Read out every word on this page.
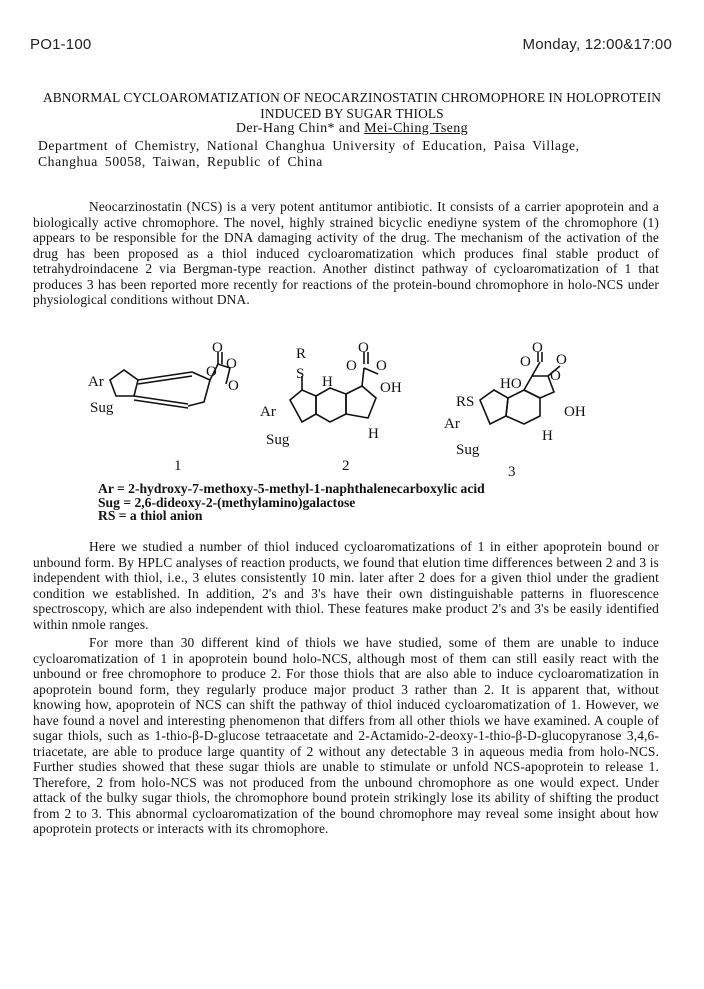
PO1-100	Monday, 12:00&17:00
ABNORMAL CYCLOAROMATIZATION OF NEOCARZINOSTATIN CHROMOPHORE IN HOLOPROTEIN INDUCED BY SUGAR THIOLS
Der-Hang Chin* and Mei-Ching Tseng
Department of Chemistry, National Changhua University of Education, Paisa Village, Changhua 50058, Taiwan, Republic of China

Neocarzinostatin (NCS) is a very potent antitumor antibiotic. It consists of a carrier apoprotein and a biologically active chromophore. The novel, highly strained bicyclic enediyne system of the chromophore (1) appears to be responsible for the DNA damaging activity of the drug. The mechanism of the activation of the drug has been proposed as a thiol induced cycloaromatization which produces final stable product of tetrahydroindacene 2 via Bergman-type reaction. Another distinct pathway of cycloaromatization of 1 that produces 3 has been reported more recently for reactions of the protein-bound chromophore in holo-NCS under physiological conditions without DNA.

Ar
Sug
O
O O
O
1
R
S H
H
Ar
Sug
OH
O
O O
2
HO
OH
RS
Ar
Sug
H
O
O O
O
3
Ar = 2-hydroxy-7-methoxy-5-methyl-1-naphthalenecarboxylic acid
Sug = 2,6-dideoxy-2-(methylamino)galactose
RS = a thiol anion

Here we studied a number of thiol induced cycloaromatizations of 1 in either apoprotein bound or unbound form. By HPLC analyses of reaction products, we found that elution time differences between 2 and 3 is independent with thiol, i.e., 3 elutes consistently 10 min. later after 2 does for a given thiol under the gradient condition we established. In addition, 2's and 3's have their own distinguishable patterns in fluorescence spectroscopy, which are also independent with thiol. These features make product 2's and 3's be easily identified within nmole ranges.

For more than 30 different kind of thiols we have studied, some of them are unable to induce cycloaromatization of 1 in apoprotein bound holo-NCS, although most of them can still easily react with the unbound or free chromophore to produce 2. For those thiols that are also able to induce cycloaromatization in apoprotein bound form, they regularly produce major product 3 rather than 2. It is apparent that, without knowing how, apoprotein of NCS can shift the pathway of thiol induced cycloaromatization of 1. However, we have found a novel and interesting phenomenon that differs from all other thiols we have examined. A couple of sugar thiols, such as 1-thio-β-D-glucose tetraacetate and 2-Actamido-2-deoxy-1-thio-β-D-glucopyranose 3,4,6-triacetate, are able to produce large quantity of 2 without any detectable 3 in aqueous media from holo-NCS. Further studies showed that these sugar thiols are unable to stimulate or unfold NCS-apoprotein to release 1. Therefore, 2 from holo-NCS was not produced from the unbound chromophore as one would expect. Under attack of the bulky sugar thiols, the chromophore bound protein strikingly lose its ability of shifting the product from 2 to 3. This abnormal cycloaromatization of the bound chromophore may reveal some insight about how apoprotein protects or interacts with its chromophore.
